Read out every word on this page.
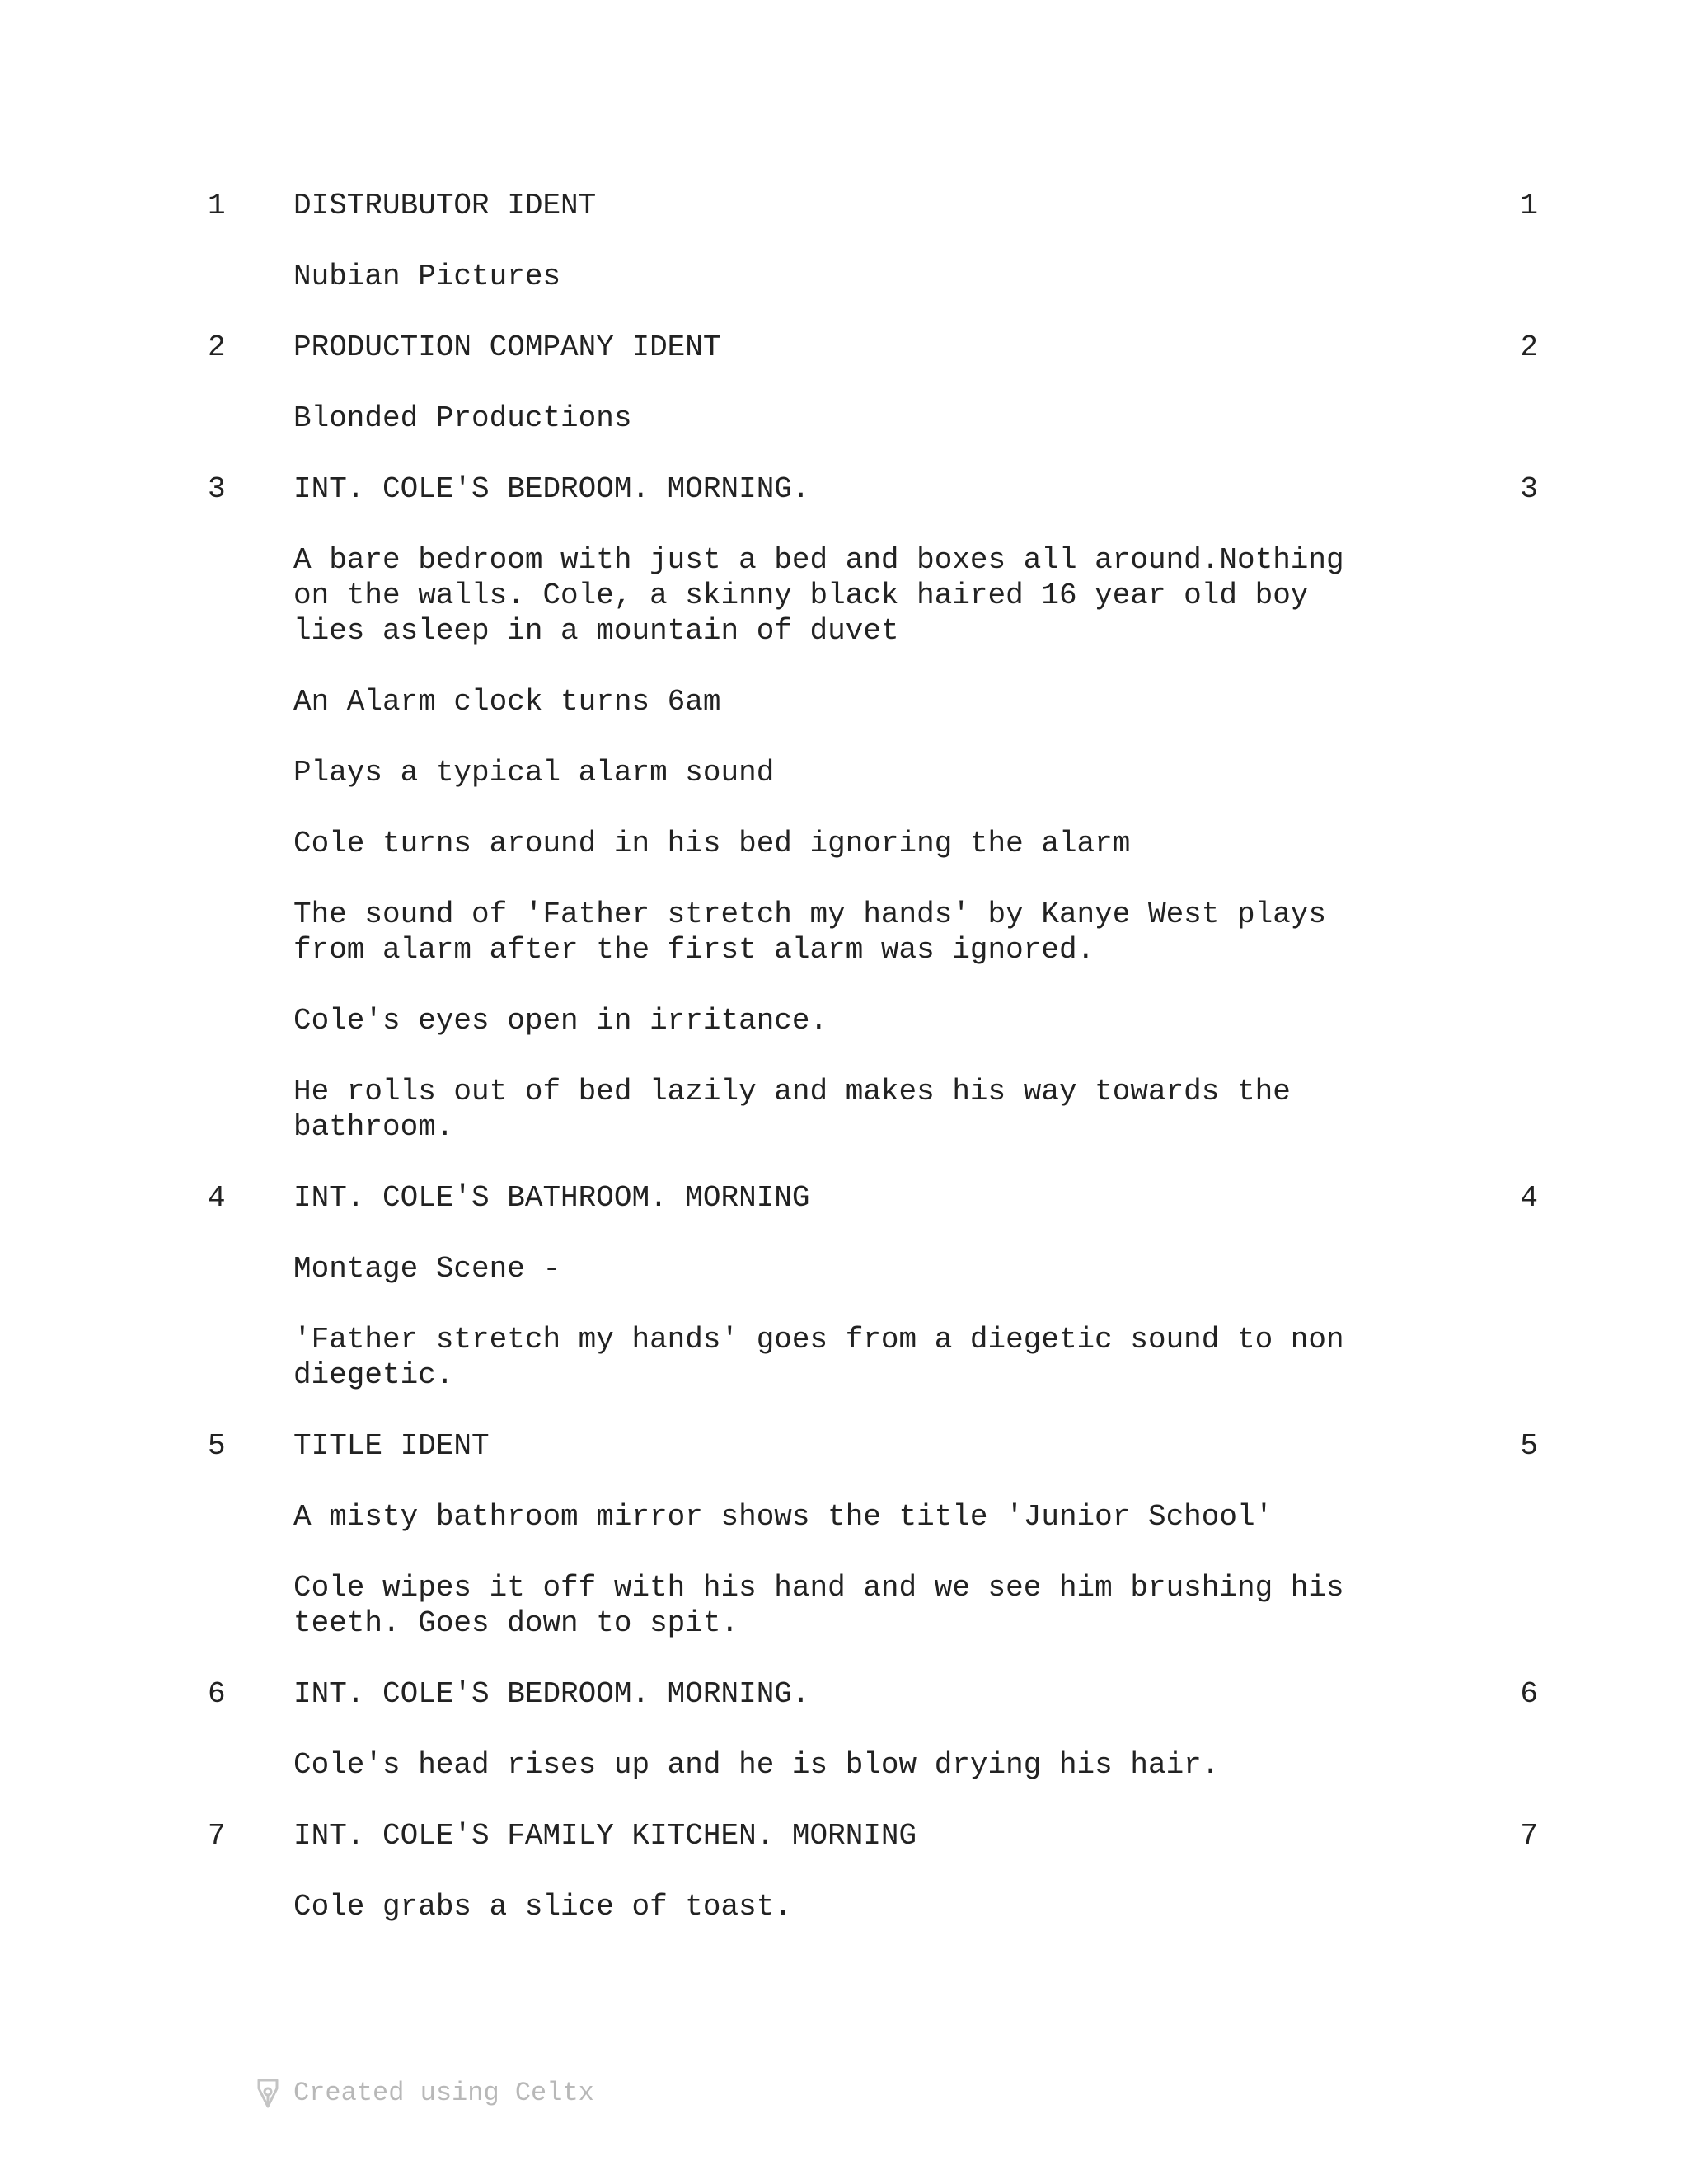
1 DISTRUBUTOR IDENT	1
Nubian Pictures
2 PRODUCTION COMPANY IDENT	2
Blonded Productions
3 INT. COLE'S BEDROOM. MORNING.	3
A bare bedroom with just a bed and boxes all around.Nothing
on the walls. Cole, a skinny black haired 16 year old boy
lies asleep in a mountain of duvet
An Alarm clock turns 6am
Plays a typical alarm sound
Cole turns around in his bed ignoring the alarm
The sound of 'Father stretch my hands' by Kanye West plays
from alarm after the first alarm was ignored.
Cole's eyes open in irritance.
He rolls out of bed lazily and makes his way towards the
bathroom.
4 INT. COLE'S BATHROOM. MORNING	4
Montage Scene -
'Father stretch my hands' goes from a diegetic sound to non
diegetic.
5 TITLE IDENT	5
A misty bathroom mirror shows the title 'Junior School'
Cole wipes it off with his hand and we see him brushing his
teeth. Goes down to spit.
6 INT. COLE'S BEDROOM. MORNING.	6
Cole's head rises up and he is blow drying his hair.
7 INT. COLE'S FAMILY KITCHEN. MORNING	7
Cole grabs a slice of toast.
Created using Celtx
